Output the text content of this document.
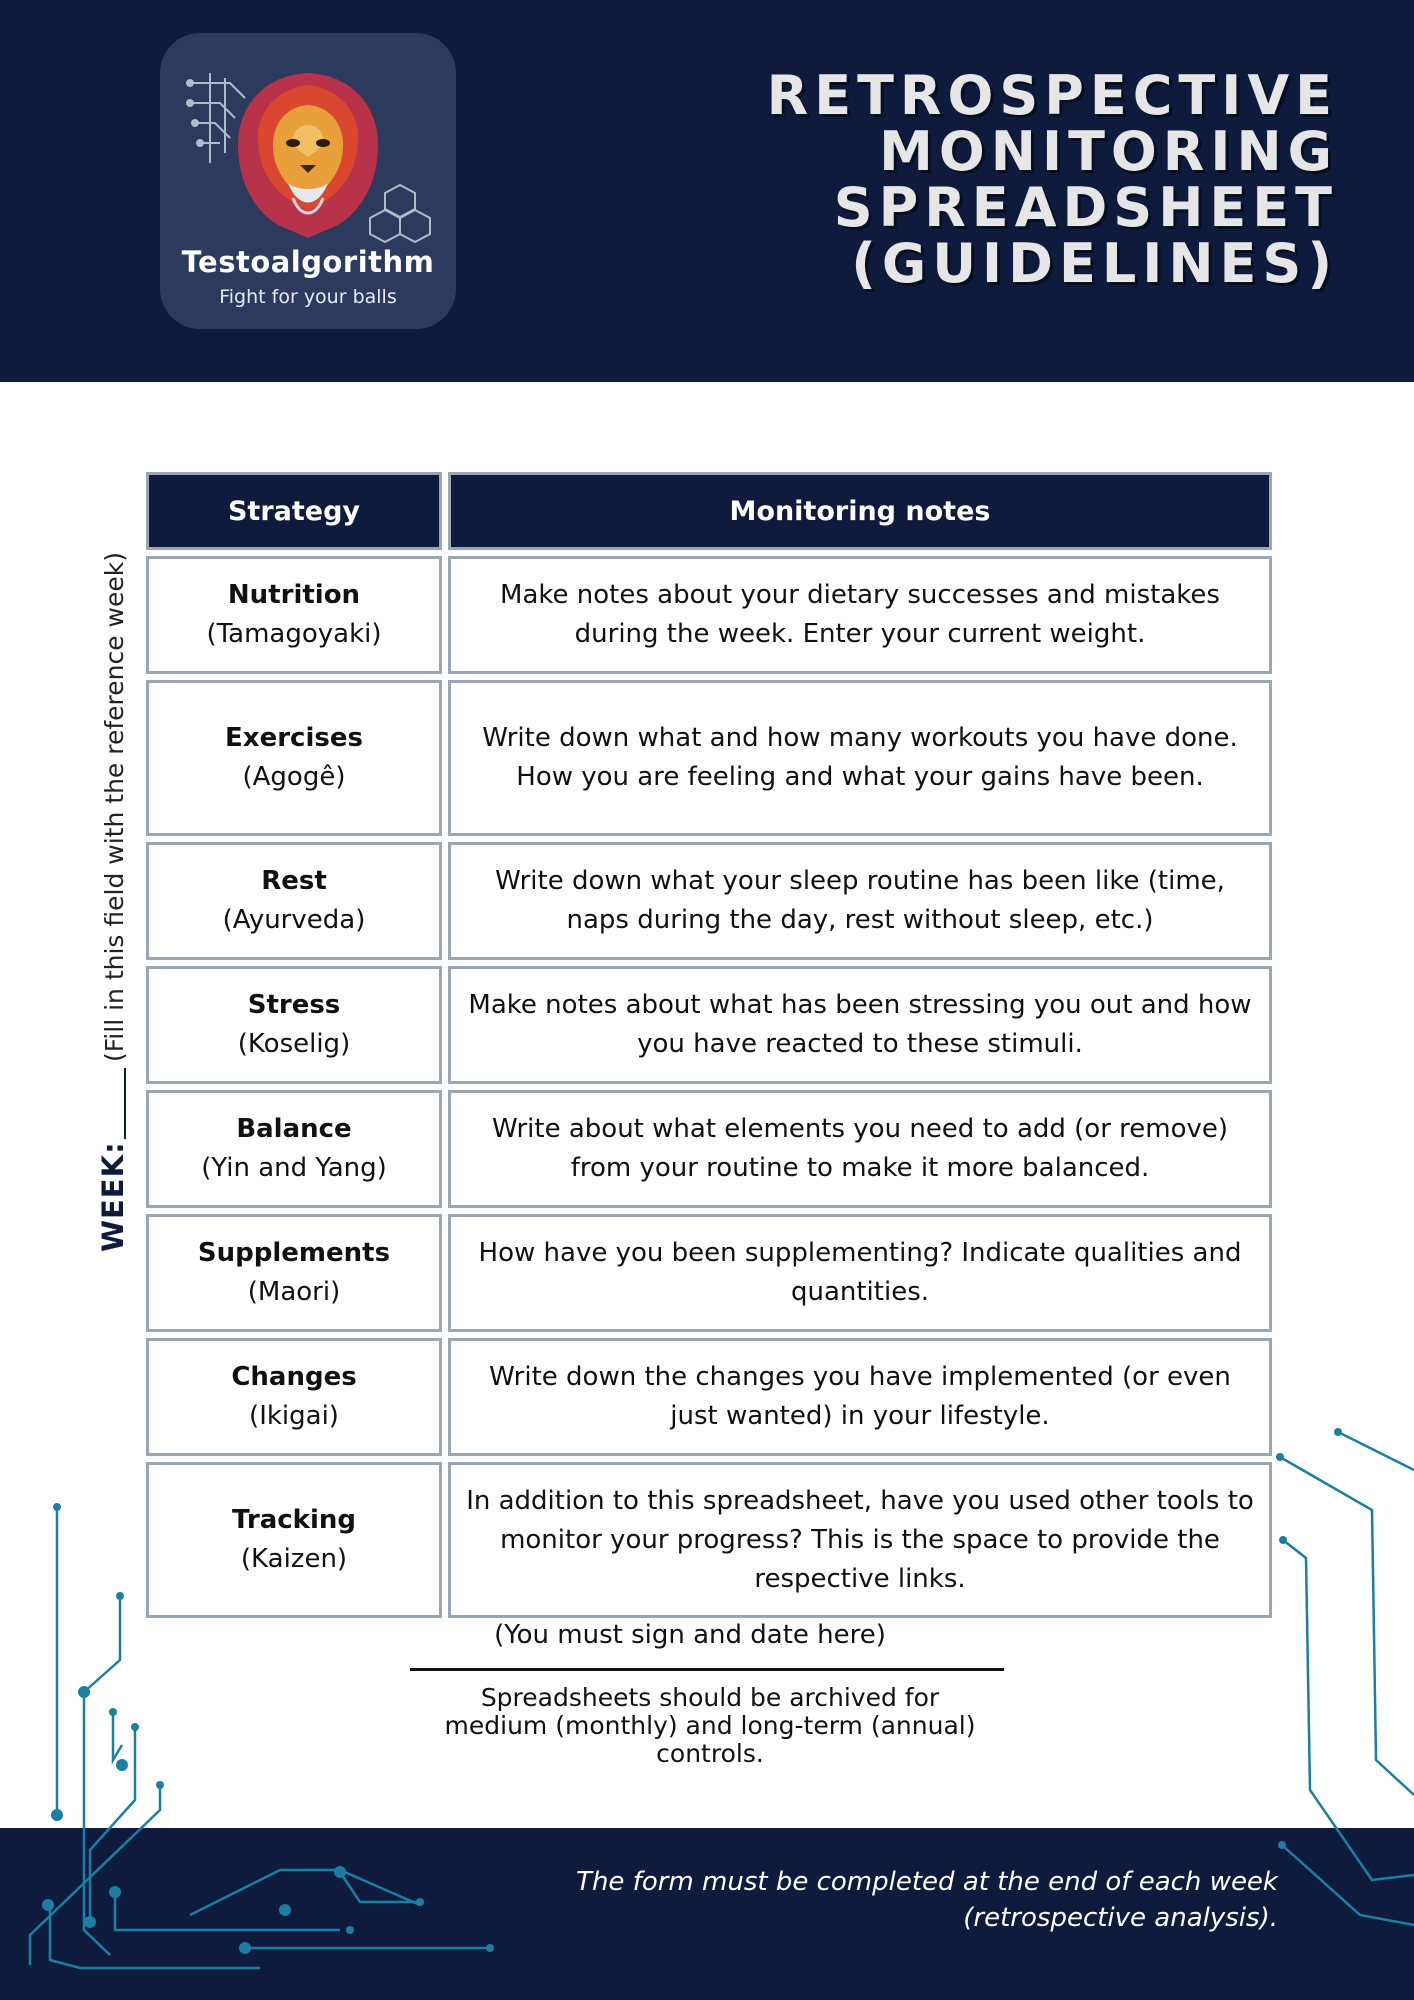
Testoalgorithm
Fight for your balls
RETROSPECTIVE
MONITORING
SPREADSHEET
(GUIDELINES)
WEEK:
(Fill in this field with the reference week)
Strategy	Monitoring notes

Nutrition
(Tamagoyaki)	Make notes about your dietary successes and mistakes during the week. Enter your current weight.

Exercises
(Agogê)	Write down what and how many workouts you have done. How you are feeling and what your gains have been.

Rest
(Ayurveda)	Write down what your sleep routine has been like (time, naps during the day, rest without sleep, etc.)

Stress
(Koselig)	Make notes about what has been stressing you out and how you have reacted to these stimuli.

Balance
(Yin and Yang)	Write about what elements you need to add (or remove) from your routine to make it more balanced.

Supplements
(Maori)	How have you been supplementing? Indicate qualities and quantities.

Changes
(Ikigai)	Write down the changes you have implemented (or even just wanted) in your lifestyle.

Tracking
(Kaizen)	In addition to this spreadsheet, have you used other tools to monitor your progress? This is the space to provide the respective links.
(You must sign and date here)
Spreadsheets should be archived for medium (monthly) and long-term (annual) controls.
The form must be completed at the end of each week
(retrospective analysis).
